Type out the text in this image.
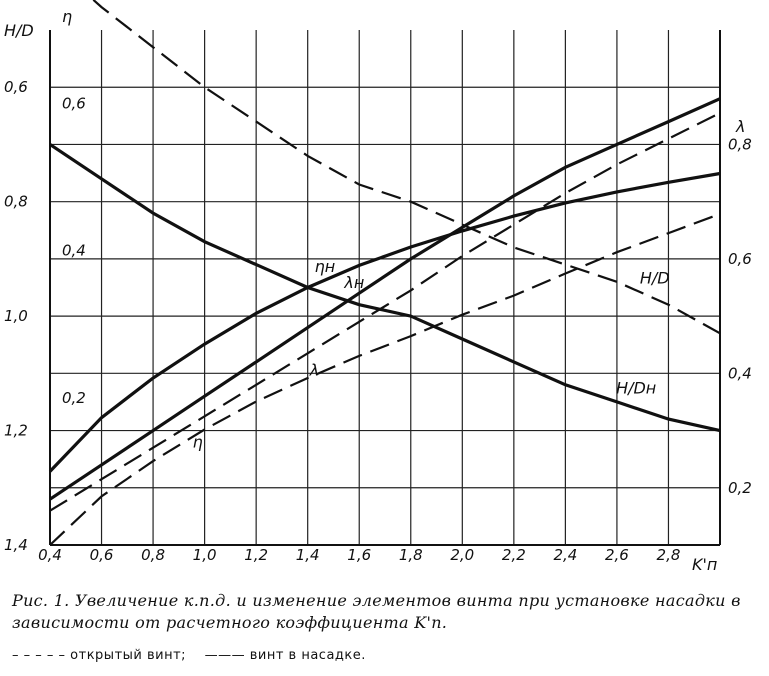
H/D
η
λ
K'п
0,4 0,6 0,8 1,0 1,2 1,4 1,6 1,8 2,0 2,2 2,4 2,6 2,8
0,6
0,8
1,0
1,2
1,4
0,6
0,4
0,2
0,8
0,6
0,4
0,2
ηн
η
λн
λ
H/Dн
H/D
Рис. 1. Увеличение к.п.д. и изменение элементов винта при установке насадки в зависимости от расчетного коэффициента K'п.
– – – – – открытый винт; ——— винт в насадке.
